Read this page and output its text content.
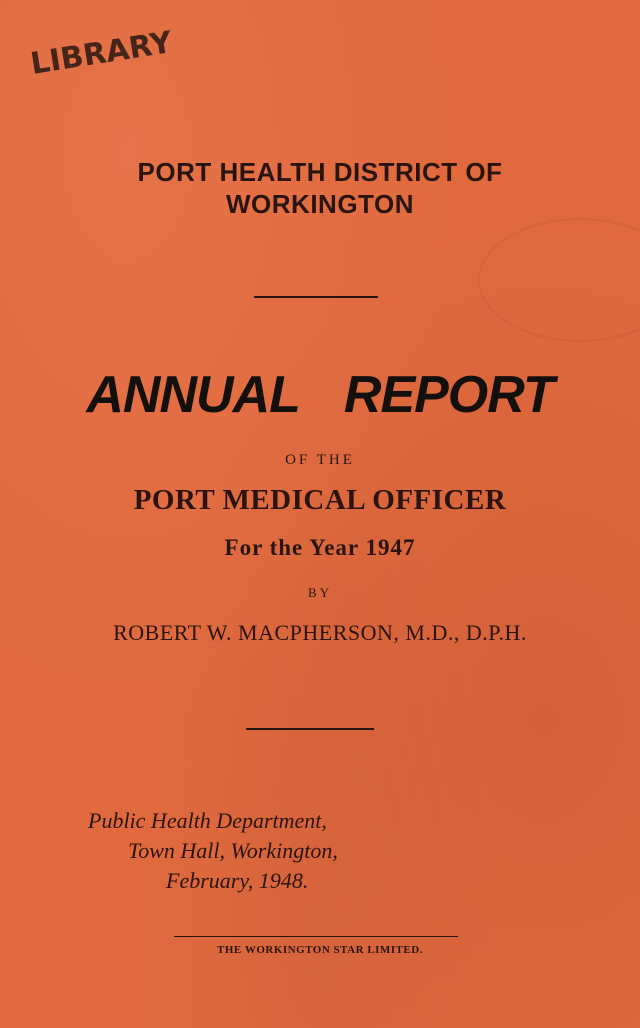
LIBRARY
PORT HEALTH DISTRICT OF
WORKINGTON
ANNUAL REPORT
OF THE
PORT MEDICAL OFFICER
For the Year 1947
BY
ROBERT W. MACPHERSON, M.D., D.P.H.
Public Health Department,
Town Hall, Workington,
February, 1948.
THE WORKINGTON STAR LIMITED.
